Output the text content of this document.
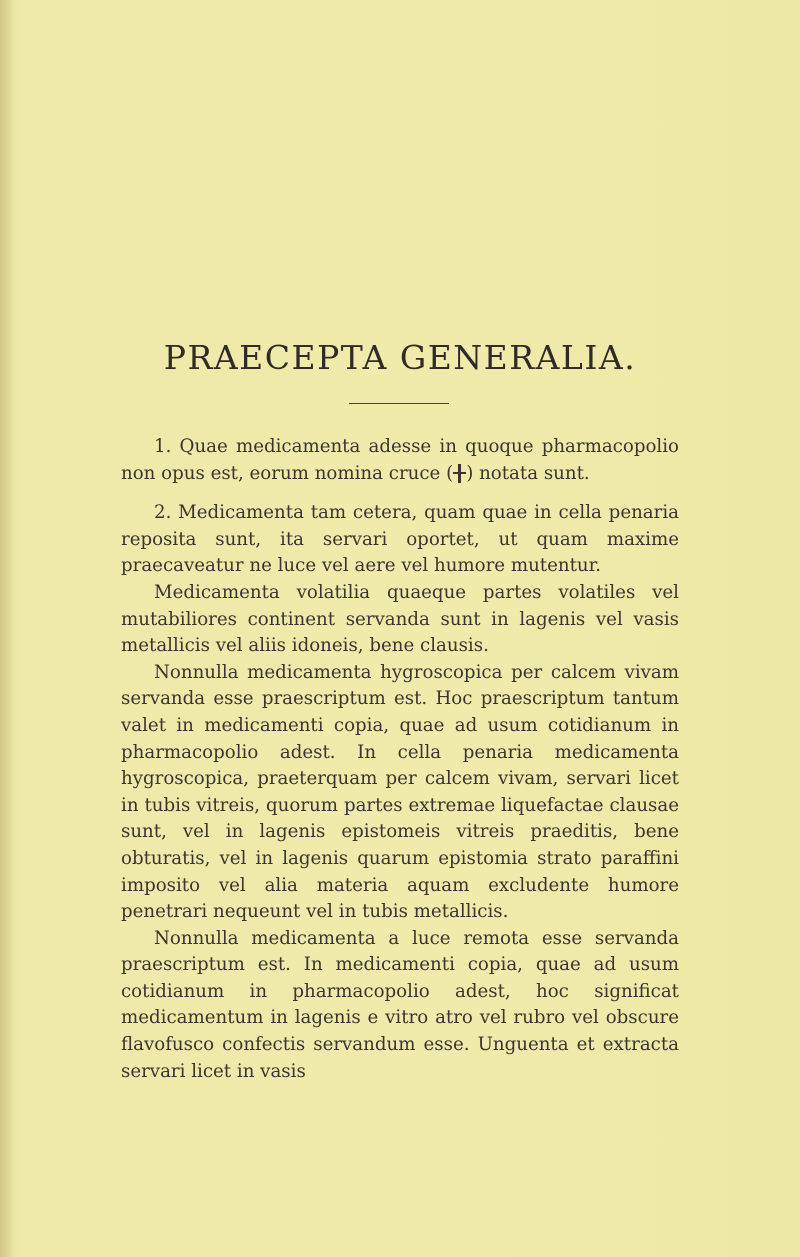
PRAECEPTA GENERALIA.

1. Quae medicamenta adesse in quoque pharmacopolio non opus est, eorum nomina cruce ( ) notata sunt.

2. Medicamenta tam cetera, quam quae in cella penaria reposita sunt, ita servari oportet, ut quam maxime praecaveatur ne luce vel aere vel humore mutentur.

Medicamenta volatilia quaeque partes volatiles vel mutabiliores continent servanda sunt in lagenis vel vasis metallicis vel aliis idoneis, bene clausis.

Nonnulla medicamenta hygroscopica per calcem vivam servanda esse praescriptum est. Hoc praescriptum tantum valet in medicamenti copia, quae ad usum cotidianum in pharmacopolio adest. In cella penaria medicamenta hygroscopica, praeterquam per calcem vivam, servari licet in tubis vitreis, quorum partes extremae liquefactae clausae sunt, vel in lagenis epistomeis vitreis praeditis, bene obturatis, vel in lagenis quarum epistomia strato paraffini imposito vel alia materia aquam excludente humore penetrari nequeunt vel in tubis metallicis.

Nonnulla medicamenta a luce remota esse servanda praescriptum est. In medicamenti copia, quae ad usum cotidianum in pharmacopolio adest, hoc significat medicamentum in lagenis e vitro atro vel rubro vel obscure flavofusco confectis servandum esse. Unguenta et extracta servari licet in vasis
